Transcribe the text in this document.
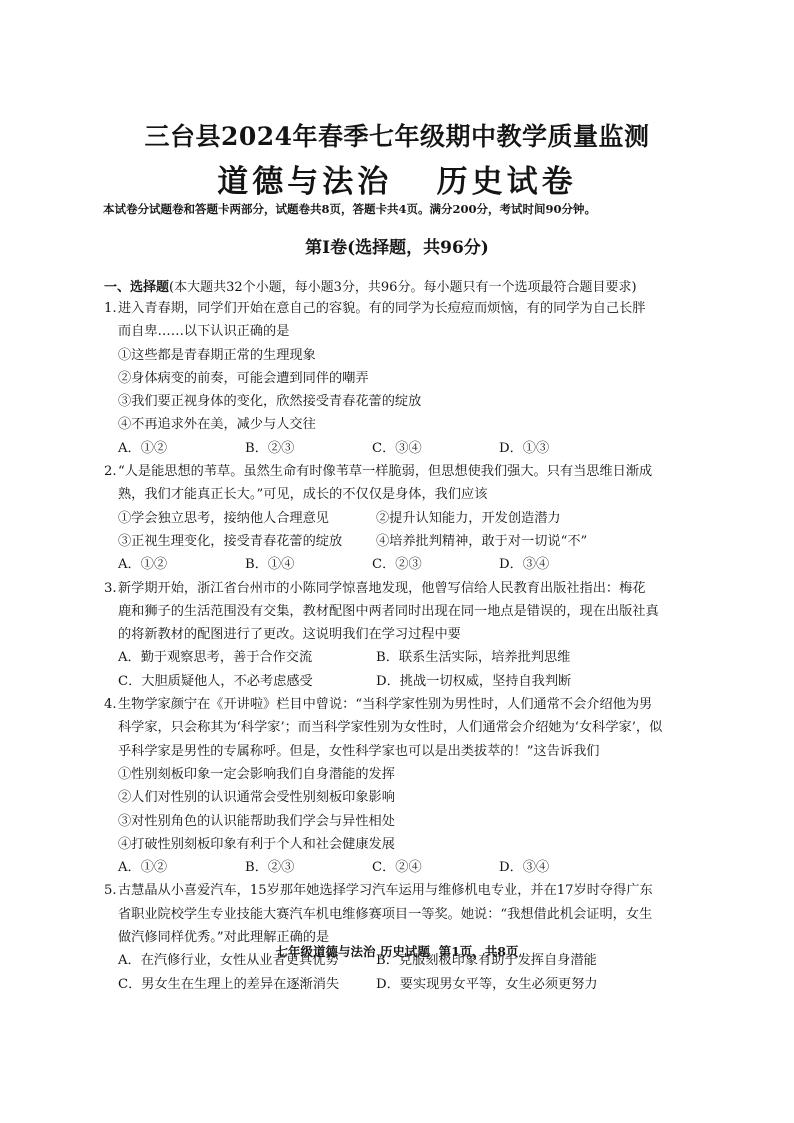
三台县2024年春季七年级期中教学质量监测
道德与法治   历史试卷
本试卷分试题卷和答题卡两部分，试题卷共8页，答题卡共4页。满分200分，考试时间90分钟。
第Ⅰ卷(选择题，共96分)
一、选择题(本大题共32个小题，每小题3分，共96分。每小题只有一个选项最符合题目要求)
1.进入青春期，同学们开始在意自己的容貌。有的同学为长痘痘而烦恼，有的同学为自己长胖
而自卑……以下认识正确的是
①这些都是青春期正常的生理现象
②身体病变的前奏，可能会遭到同伴的嘲弄
③我们要正视身体的变化，欣然接受青春花蕾的绽放
④不再追求外在美，减少与人交往
A．①②	B．②③	C．③④	D．①③
2.“人是能思想的苇草。虽然生命有时像苇草一样脆弱，但思想使我们强大。只有当思维日渐成
熟，我们才能真正长大。”可见，成长的不仅仅是身体，我们应该
①学会独立思考，接纳他人合理意见	②提升认知能力，开发创造潜力
③正视生理变化，接受青春花蕾的绽放	④培养批判精神，敢于对一切说“不”
A．①②	B．①④	C．②③	D．③④
3.新学期开始，浙江省台州市的小陈同学惊喜地发现，他曾写信给人民教育出版社指出：梅花
鹿和狮子的生活范围没有交集，教材配图中两者同时出现在同一地点是错误的，现在出版社真
的将新教材的配图进行了更改。这说明我们在学习过程中要
A．勤于观察思考，善于合作交流	B．联系生活实际，培养批判思维
C．大胆质疑他人，不必考虑感受	D．挑战一切权威，坚持自我判断
4.生物学家颜宁在《开讲啦》栏目中曾说：“当科学家性别为男性时，人们通常不会介绍他为男
科学家，只会称其为‘科学家’；而当科学家性别为女性时，人们通常会介绍她为‘女科学家’，似
乎科学家是男性的专属称呼。但是，女性科学家也可以是出类拔萃的！”这告诉我们
①性别刻板印象一定会影响我们自身潜能的发挥
②人们对性别的认识通常会受性别刻板印象影响
③对性别角色的认识能帮助我们学会与异性相处
④打破性别刻板印象有利于个人和社会健康发展
A．①②	B．②③	C．②④	D．③④
5.古慧晶从小喜爱汽车，15岁那年她选择学习汽车运用与维修机电专业，并在17岁时夺得广东
省职业院校学生专业技能大赛汽车机电维修赛项目一等奖。她说：“我想借此机会证明，女生
做汽修同样优秀。”对此理解正确的是
A．在汽修行业，女性从业者更具优势	B．克服刻板印象有助于发挥自身潜能
C．男女生在生理上的差异在逐渐消失	D．要实现男女平等，女生必须更努力
七年级道德与法治 历史试题  第1页，共8页
